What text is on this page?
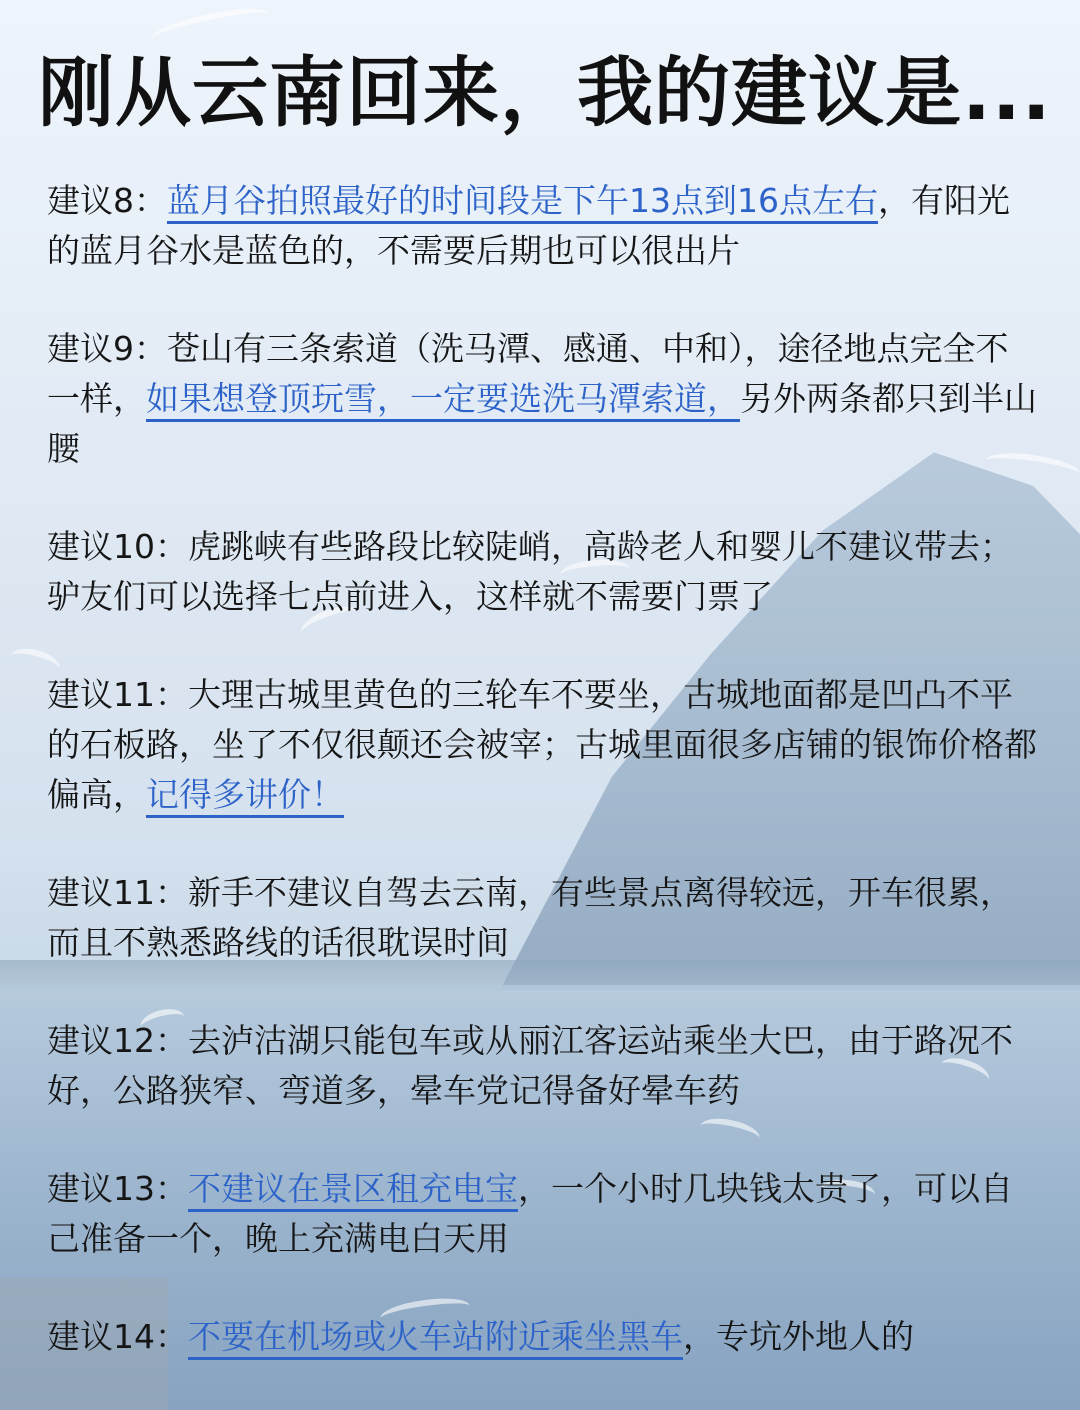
刚从云南回来，我的建议是...

建议8：蓝月谷拍照最好的时间段是下午13点到16点左右，有阳光的蓝月谷水是蓝色的，不需要后期也可以很出片

建议9：苍山有三条索道（洗马潭、感通、中和），途径地点完全不一样，如果想登顶玩雪，一定要选洗马潭索道，另外两条都只到半山腰

建议10：虎跳峡有些路段比较陡峭，高龄老人和婴儿不建议带去；驴友们可以选择七点前进入，这样就不需要门票了

建议11：大理古城里黄色的三轮车不要坐，古城地面都是凹凸不平的石板路，坐了不仅很颠还会被宰；古城里面很多店铺的银饰价格都偏高，记得多讲价！

建议11：新手不建议自驾去云南，有些景点离得较远，开车很累，而且不熟悉路线的话很耽误时间

建议12：去泸沽湖只能包车或从丽江客运站乘坐大巴，由于路况不好，公路狭窄、弯道多，晕车党记得备好晕车药

建议13：不建议在景区租充电宝，一个小时几块钱太贵了，可以自己准备一个，晚上充满电白天用

建议14：不要在机场或火车站附近乘坐黑车，专坑外地人的
